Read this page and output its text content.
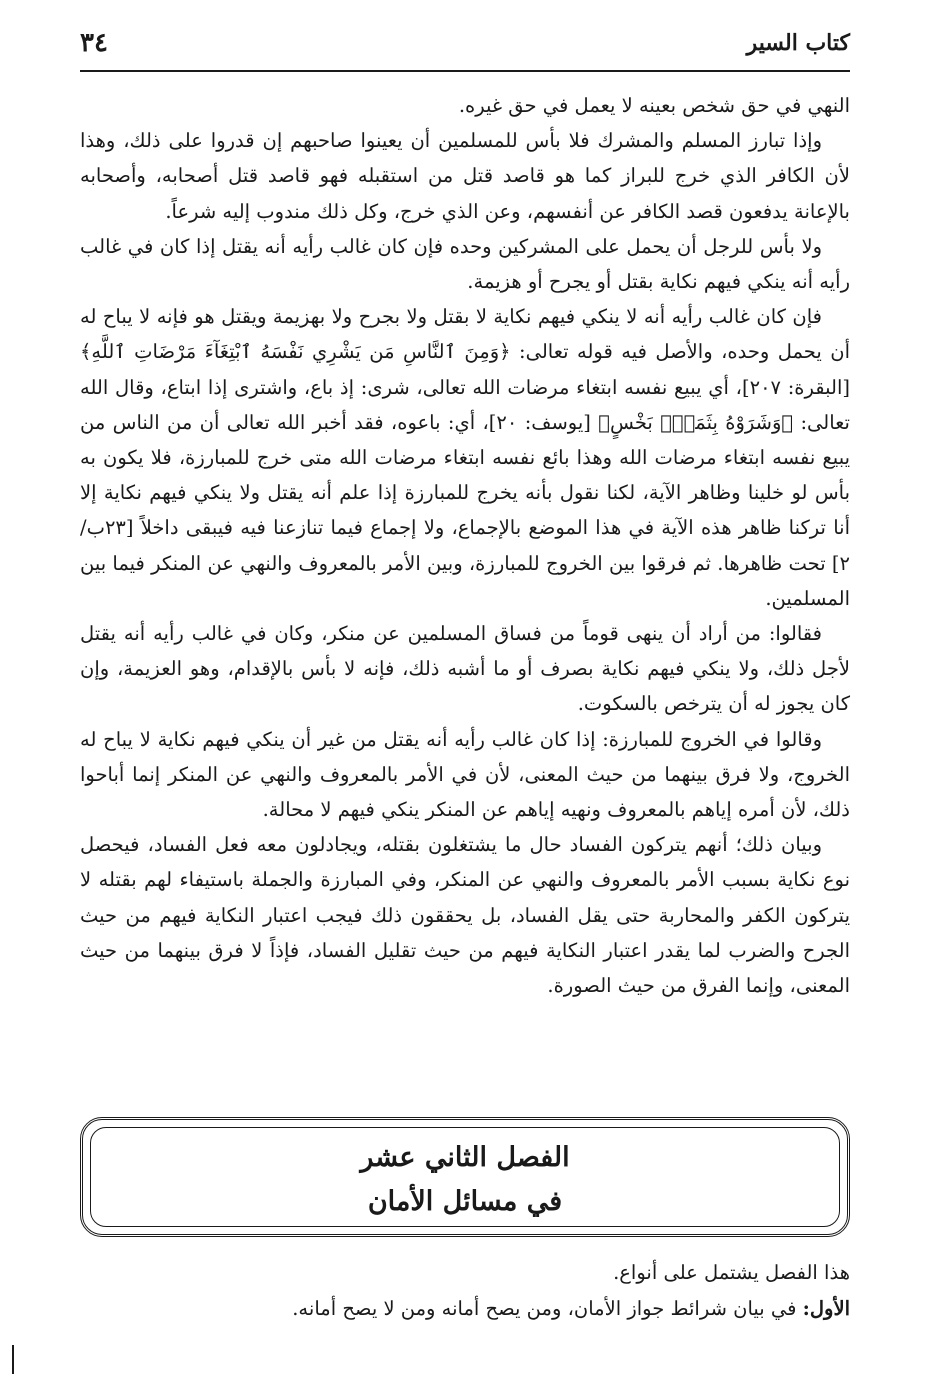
كتاب السير
٣٤

النهي في حق شخص بعينه لا يعمل في حق غيره.

وإذا تبارز المسلم والمشرك فلا بأس للمسلمين أن يعينوا صاحبهم إن قدروا على ذلك، وهذا لأن الكافر الذي خرج للبراز كما هو قاصد قتل من استقبله فهو قاصد قتل أصحابه، وأصحابه بالإعانة يدفعون قصد الكافر عن أنفسهم، وعن الذي خرج، وكل ذلك مندوب إليه شرعاً.

ولا بأس للرجل أن يحمل على المشركين وحده فإن كان غالب رأيه أنه يقتل إذا كان في غالب رأيه أنه ينكي فيهم نكاية بقتل أو يجرح أو هزيمة.

فإن كان غالب رأيه أنه لا ينكي فيهم نكاية لا بقتل ولا بجرح ولا بهزيمة ويقتل هو فإنه لا يباح له أن يحمل وحده، والأصل فيه قوله تعالى: ﴿وَمِنَ ٱلنَّاسِ مَن يَشْرِي نَفْسَهُ ٱبْتِغَآءَ مَرْضَاتِ ٱللَّهِ﴾ [البقرة: ٢٠٧]، أي يبيع نفسه ابتغاء مرضات الله تعالى، شرى: إذ باع، واشترى إذا ابتاع، وقال الله تعالى: ﴿وَشَرَوْهُ بِثَمَنٍۭ بَخْسٍ﴾ [يوسف: ٢٠]، أي: باعوه، فقد أخبر الله تعالى أن من الناس من يبيع نفسه ابتغاء مرضات الله وهذا بائع نفسه ابتغاء مرضات الله متى خرج للمبارزة، فلا يكون به بأس لو خلينا وظاهر الآية، لكنا نقول بأنه يخرج للمبارزة إذا علم أنه يقتل ولا ينكي فيهم نكاية إلا أنا تركنا ظاهر هذه الآية في هذا الموضع بالإجماع، ولا إجماع فيما تنازعنا فيه فيبقى داخلاً [٢٣ب/ ٢] تحت ظاهرها. ثم فرقوا بين الخروج للمبارزة، وبين الأمر بالمعروف والنهي عن المنكر فيما بين المسلمين.

فقالوا: من أراد أن ينهى قوماً من فساق المسلمين عن منكر، وكان في غالب رأيه أنه يقتل لأجل ذلك، ولا ينكي فيهم نكاية بصرف أو ما أشبه ذلك، فإنه لا بأس بالإقدام، وهو العزيمة، وإن كان يجوز له أن يترخص بالسكوت.

وقالوا في الخروج للمبارزة: إذا كان غالب رأيه أنه يقتل من غير أن ينكي فيهم نكاية لا يباح له الخروج، ولا فرق بينهما من حيث المعنى، لأن في الأمر بالمعروف والنهي عن المنكر إنما أباحوا ذلك، لأن أمره إياهم بالمعروف ونهيه إياهم عن المنكر ينكي فيهم لا محالة.

وبيان ذلك؛ أنهم يتركون الفساد حال ما يشتغلون بقتله، ويجادلون معه فعل الفساد، فيحصل نوع نكاية بسبب الأمر بالمعروف والنهي عن المنكر، وفي المبارزة والجملة باستيفاء لهم بقتله لا يتركون الكفر والمحاربة حتى يقل الفساد، بل يحققون ذلك فيجب اعتبار النكاية فيهم من حيث الجرح والضرب لما يقدر اعتبار النكاية فيهم من حيث تقليل الفساد، فإذاً لا فرق بينهما من حيث المعنى، وإنما الفرق من حيث الصورة.

الفصل الثاني عشر
في مسائل الأمان

هذا الفصل يشتمل على أنواع.

الأول: في بيان شرائط جواز الأمان، ومن يصح أمانه ومن لا يصح أمانه.
